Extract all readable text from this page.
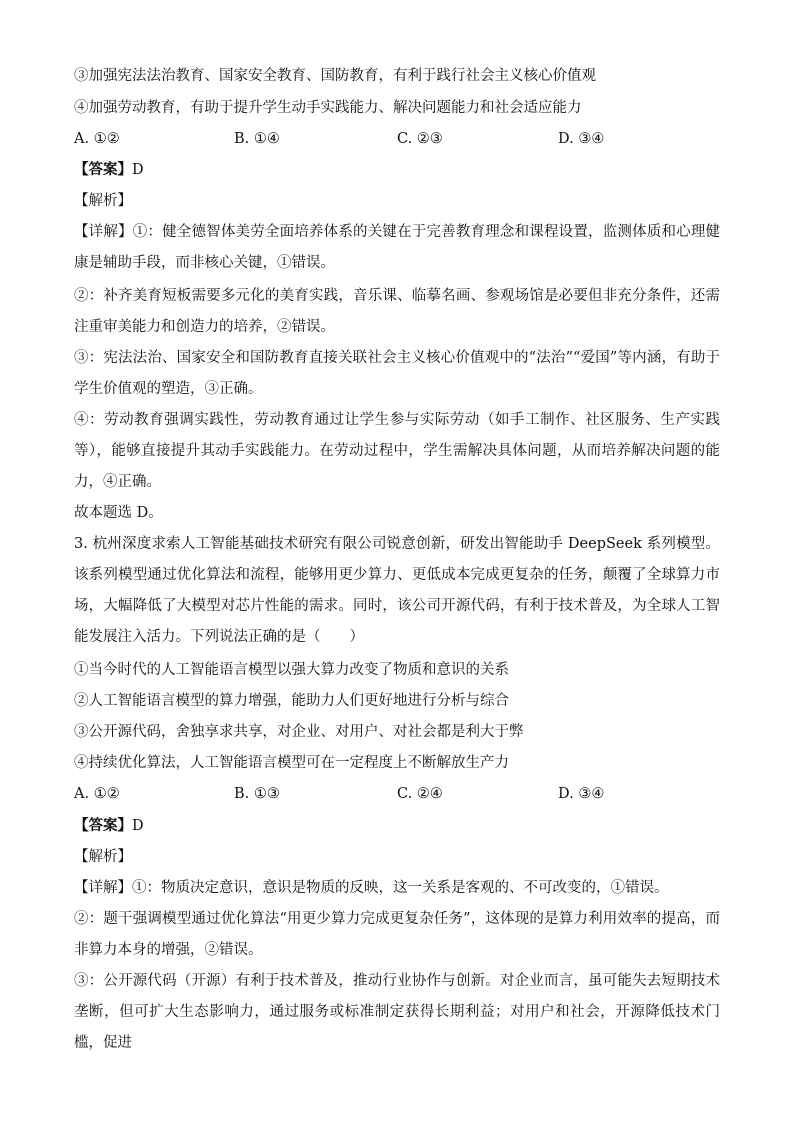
③加强宪法法治教育、国家安全教育、国防教育，有利于践行社会主义核心价值观
④加强劳动教育，有助于提升学生动手实践能力、解决问题能力和社会适应能力
A. ①②	B. ①④	C. ②③	D. ③④
【答案】D
【解析】
【详解】①：健全德智体美劳全面培养体系的关键在于完善教育理念和课程设置，监测体质和心理健康是辅助手段，而非核心关键，①错误。
②：补齐美育短板需要多元化的美育实践，音乐课、临摹名画、参观场馆是必要但非充分条件，还需注重审美能力和创造力的培养，②错误。
③：宪法法治、国家安全和国防教育直接关联社会主义核心价值观中的“法治”“爱国”等内涵，有助于学生价值观的塑造，③正确。
④：劳动教育强调实践性，劳动教育通过让学生参与实际劳动（如手工制作、社区服务、生产实践等），能够直接提升其动手实践能力。在劳动过程中，学生需解决具体问题，从而培养解决问题的能力，④正确。
故本题选 D。
3. 杭州深度求索人工智能基础技术研究有限公司锐意创新，研发出智能助手 DeepSeek 系列模型。该系列模型通过优化算法和流程，能够用更少算力、更低成本完成更复杂的任务，颠覆了全球算力市场，大幅降低了大模型对芯片性能的需求。同时，该公司开源代码，有利于技术普及，为全球人工智能发展注入活力。下列说法正确的是（　　）
①当今时代的人工智能语言模型以强大算力改变了物质和意识的关系
②人工智能语言模型的算力增强，能助力人们更好地进行分析与综合
③公开源代码，舍独享求共享，对企业、对用户、对社会都是利大于弊
④持续优化算法，人工智能语言模型可在一定程度上不断解放生产力
A. ①②	B. ①③	C. ②④	D. ③④
【答案】D
【解析】
【详解】①：物质决定意识，意识是物质的反映，这一关系是客观的、不可改变的，①错误。
②：题干强调模型通过优化算法“用更少算力完成更复杂任务”，这体现的是算力利用效率的提高，而非算力本身的增强，②错误。
③：公开源代码（开源）有利于技术普及，推动行业协作与创新。对企业而言，虽可能失去短期技术垄断，但可扩大生态影响力，通过服务或标准制定获得长期利益；对用户和社会，开源降低技术门槛，促进
